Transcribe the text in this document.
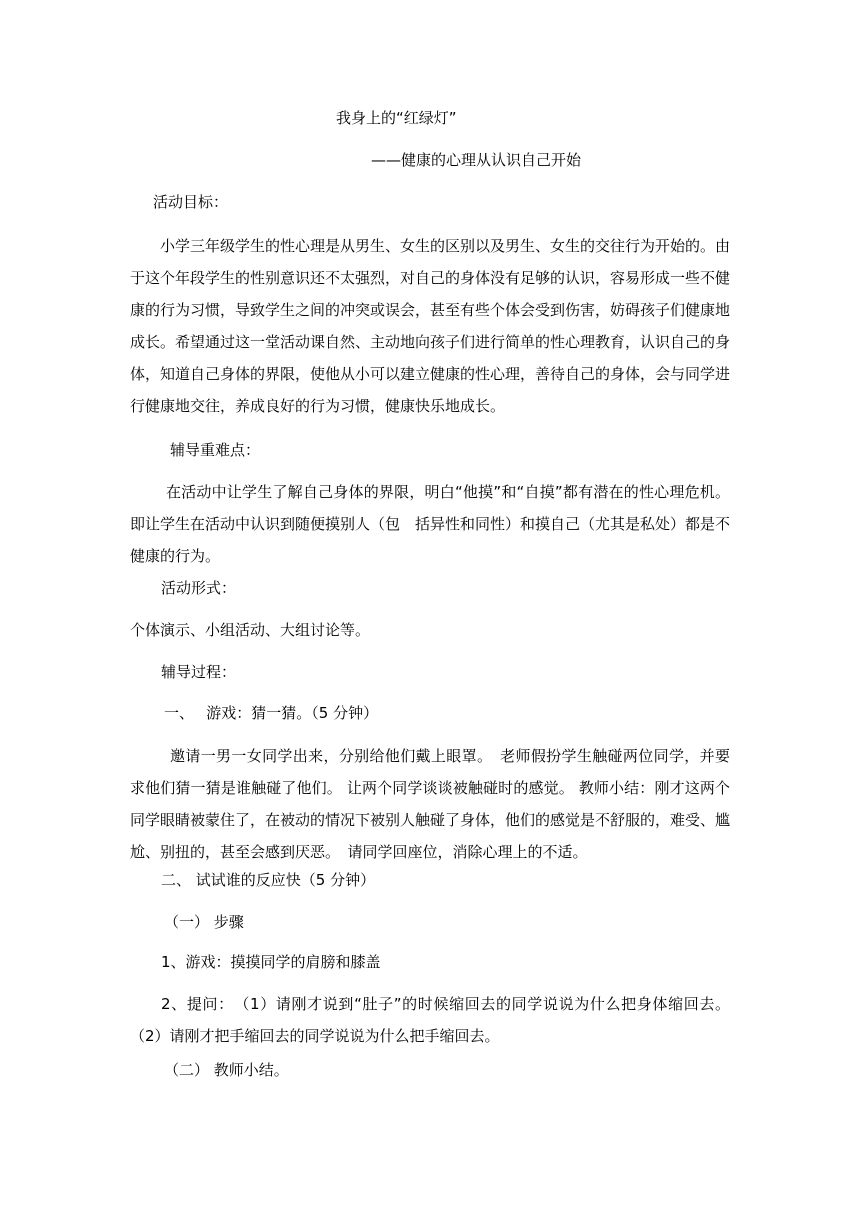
我身上的“红绿灯”
——健康的心理从认识自己开始
活动目标：
小学三年级学生的性心理是从男生、女生的区别以及男生、女生的交往行为开始的。由于这个年段学生的性别意识还不太强烈，对自己的身体没有足够的认识，容易形成一些不健康的行为习惯，导致学生之间的冲突或误会，甚至有些个体会受到伤害，妨碍孩子们健康地成长。希望通过这一堂活动课自然、主动地向孩子们进行简单的性心理教育，认识自己的身体，知道自己身体的界限，使他从小可以建立健康的性心理，善待自己的身体，会与同学进行健康地交往，养成良好的行为习惯，健康快乐地成长。
辅导重难点：
在活动中让学生了解自己身体的界限，明白“他摸”和“自摸”都有潜在的性心理危机。即让学生在活动中认识到随便摸别人（包　括异性和同性）和摸自己（尤其是私处）都是不健康的行为。
活动形式：
个体演示、小组活动、大组讨论等。
辅导过程：
一、　 游戏：猜一猜。（5 分钟）
邀请一男一女同学出来，分别给他们戴上眼罩。　老师假扮学生触碰两位同学，并要求他们猜一猜是谁触碰了他们。 让两个同学谈谈被触碰时的感觉。 教师小结：刚才这两个同学眼睛被蒙住了，在被动的情况下被别人触碰了身体，他们的感觉是不舒服的，难受、尴尬、别扭的，甚至会感到厌恶。　请同学回座位，消除心理上的不适。
二、 试试谁的反应快（5 分钟）
（一） 步骤
1、游戏：摸摸同学的肩膀和膝盖
2、提问：　（1）请刚才说到“肚子”的时候缩回去的同学说说为什么把身体缩回去。 （2）请刚才把手缩回去的同学说说为什么把手缩回去。
（二） 教师小结。
